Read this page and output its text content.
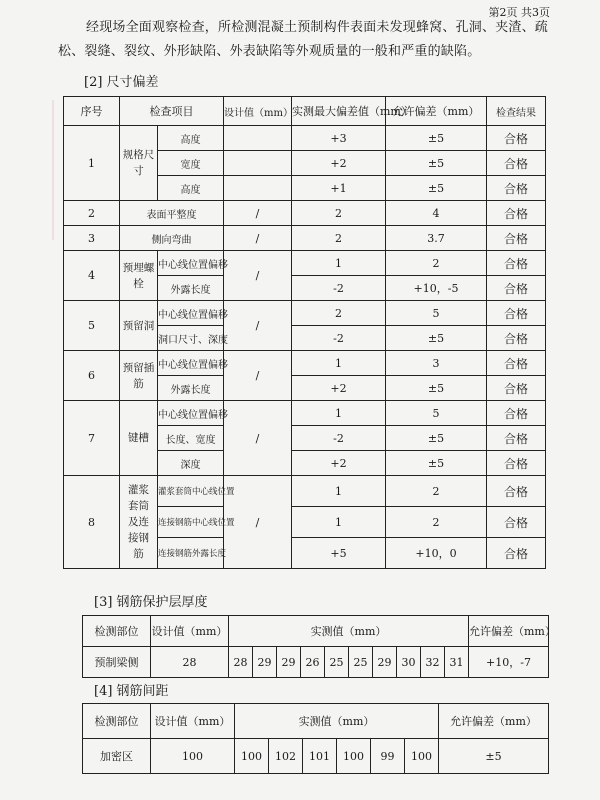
第2页 共3页
经现场全面观察检查，所检测混凝土预制构件表面未发现蜂窝、孔洞、夹渣、疏松、裂缝、裂纹、外形缺陷、外表缺陷等外观质量的一般和严重的缺陷。
[2] 尺寸偏差
序号	检查项目		设计值（mm）	实测最大偏差值（mm）	允许偏差（mm）	检查结果
1	规格尺寸	高度		+3	±5	合格
		宽度		+2	±5	合格
		高度		+1	±5	合格
2	表面平整度		/	2	4	合格
3	侧向弯曲		/	2	3.7	合格
4	预埋螺栓	中心线位置偏移	/	1	2	合格
		外露长度		-2	+10，-5	合格
5	预留洞	中心线位置偏移	/	2	5	合格
		洞口尺寸、深度		-2	±5	合格
6	预留插筋	中心线位置偏移	/	1	3	合格
		外露长度		+2	±5	合格
7	键槽	中心线位置偏移	/	1	5	合格
		长度、宽度		-2	±5	合格
		深度		+2	±5	合格
8	灌浆套筒及连接钢筋	灌浆套筒中心线位置	/	1	2	合格
		连接钢筋中心线位置		1	2	合格
		连接钢筋外露长度		+5	+10，0	合格
[3] 钢筋保护层厚度
检测部位	设计值（mm）	实测值（mm）										允许偏差（mm）
预制梁侧	28	28	29	29	26	25	25	29	30	32	31	+10，-7
[4] 钢筋间距
检测部位	设计值（mm）	实测值（mm）						允许偏差（mm）
加密区	100	100	102	101	100	99	100	±5
